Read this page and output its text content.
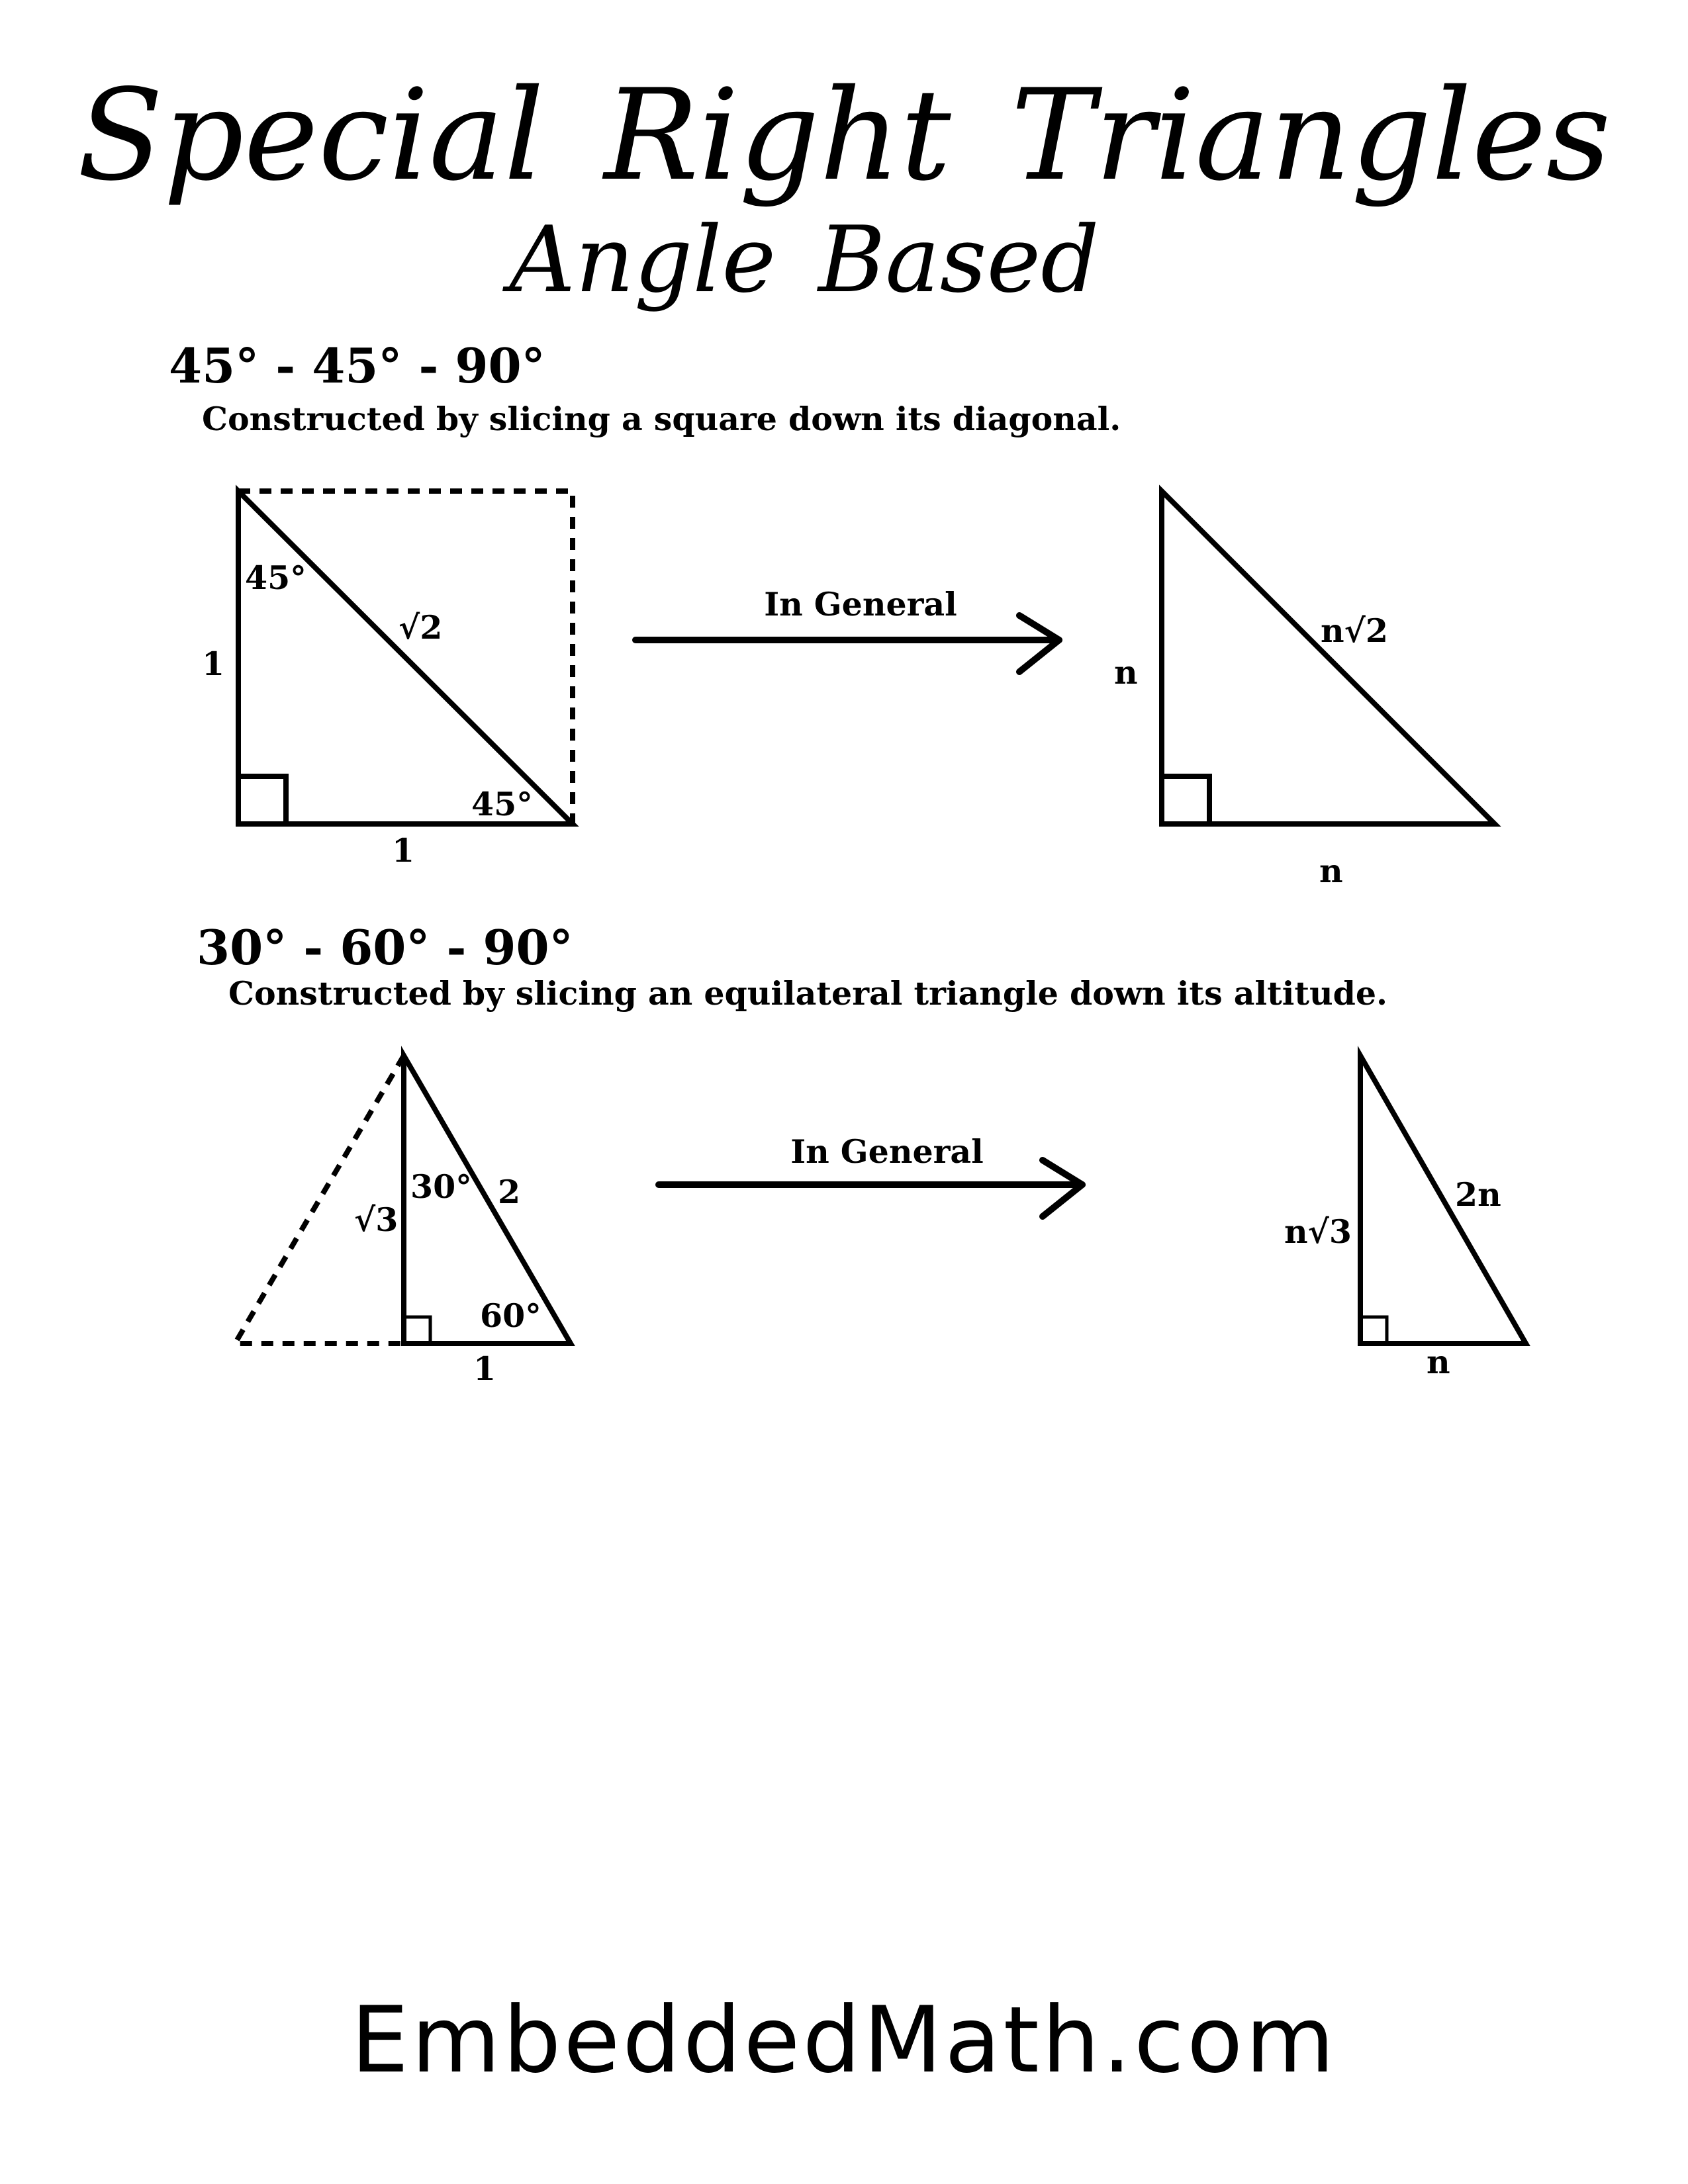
Special Right Triangles
Angle Based
45° - 45° - 90°
Constructed by slicing a square down its diagonal.
45°
√2
1
45°
1
In General
n√2
n
n
30° - 60° - 90°
Constructed by slicing an equilateral triangle down its altitude.
30° 2
√3
60°
1
In General
2n
n√3
n
EmbeddedMath.com
